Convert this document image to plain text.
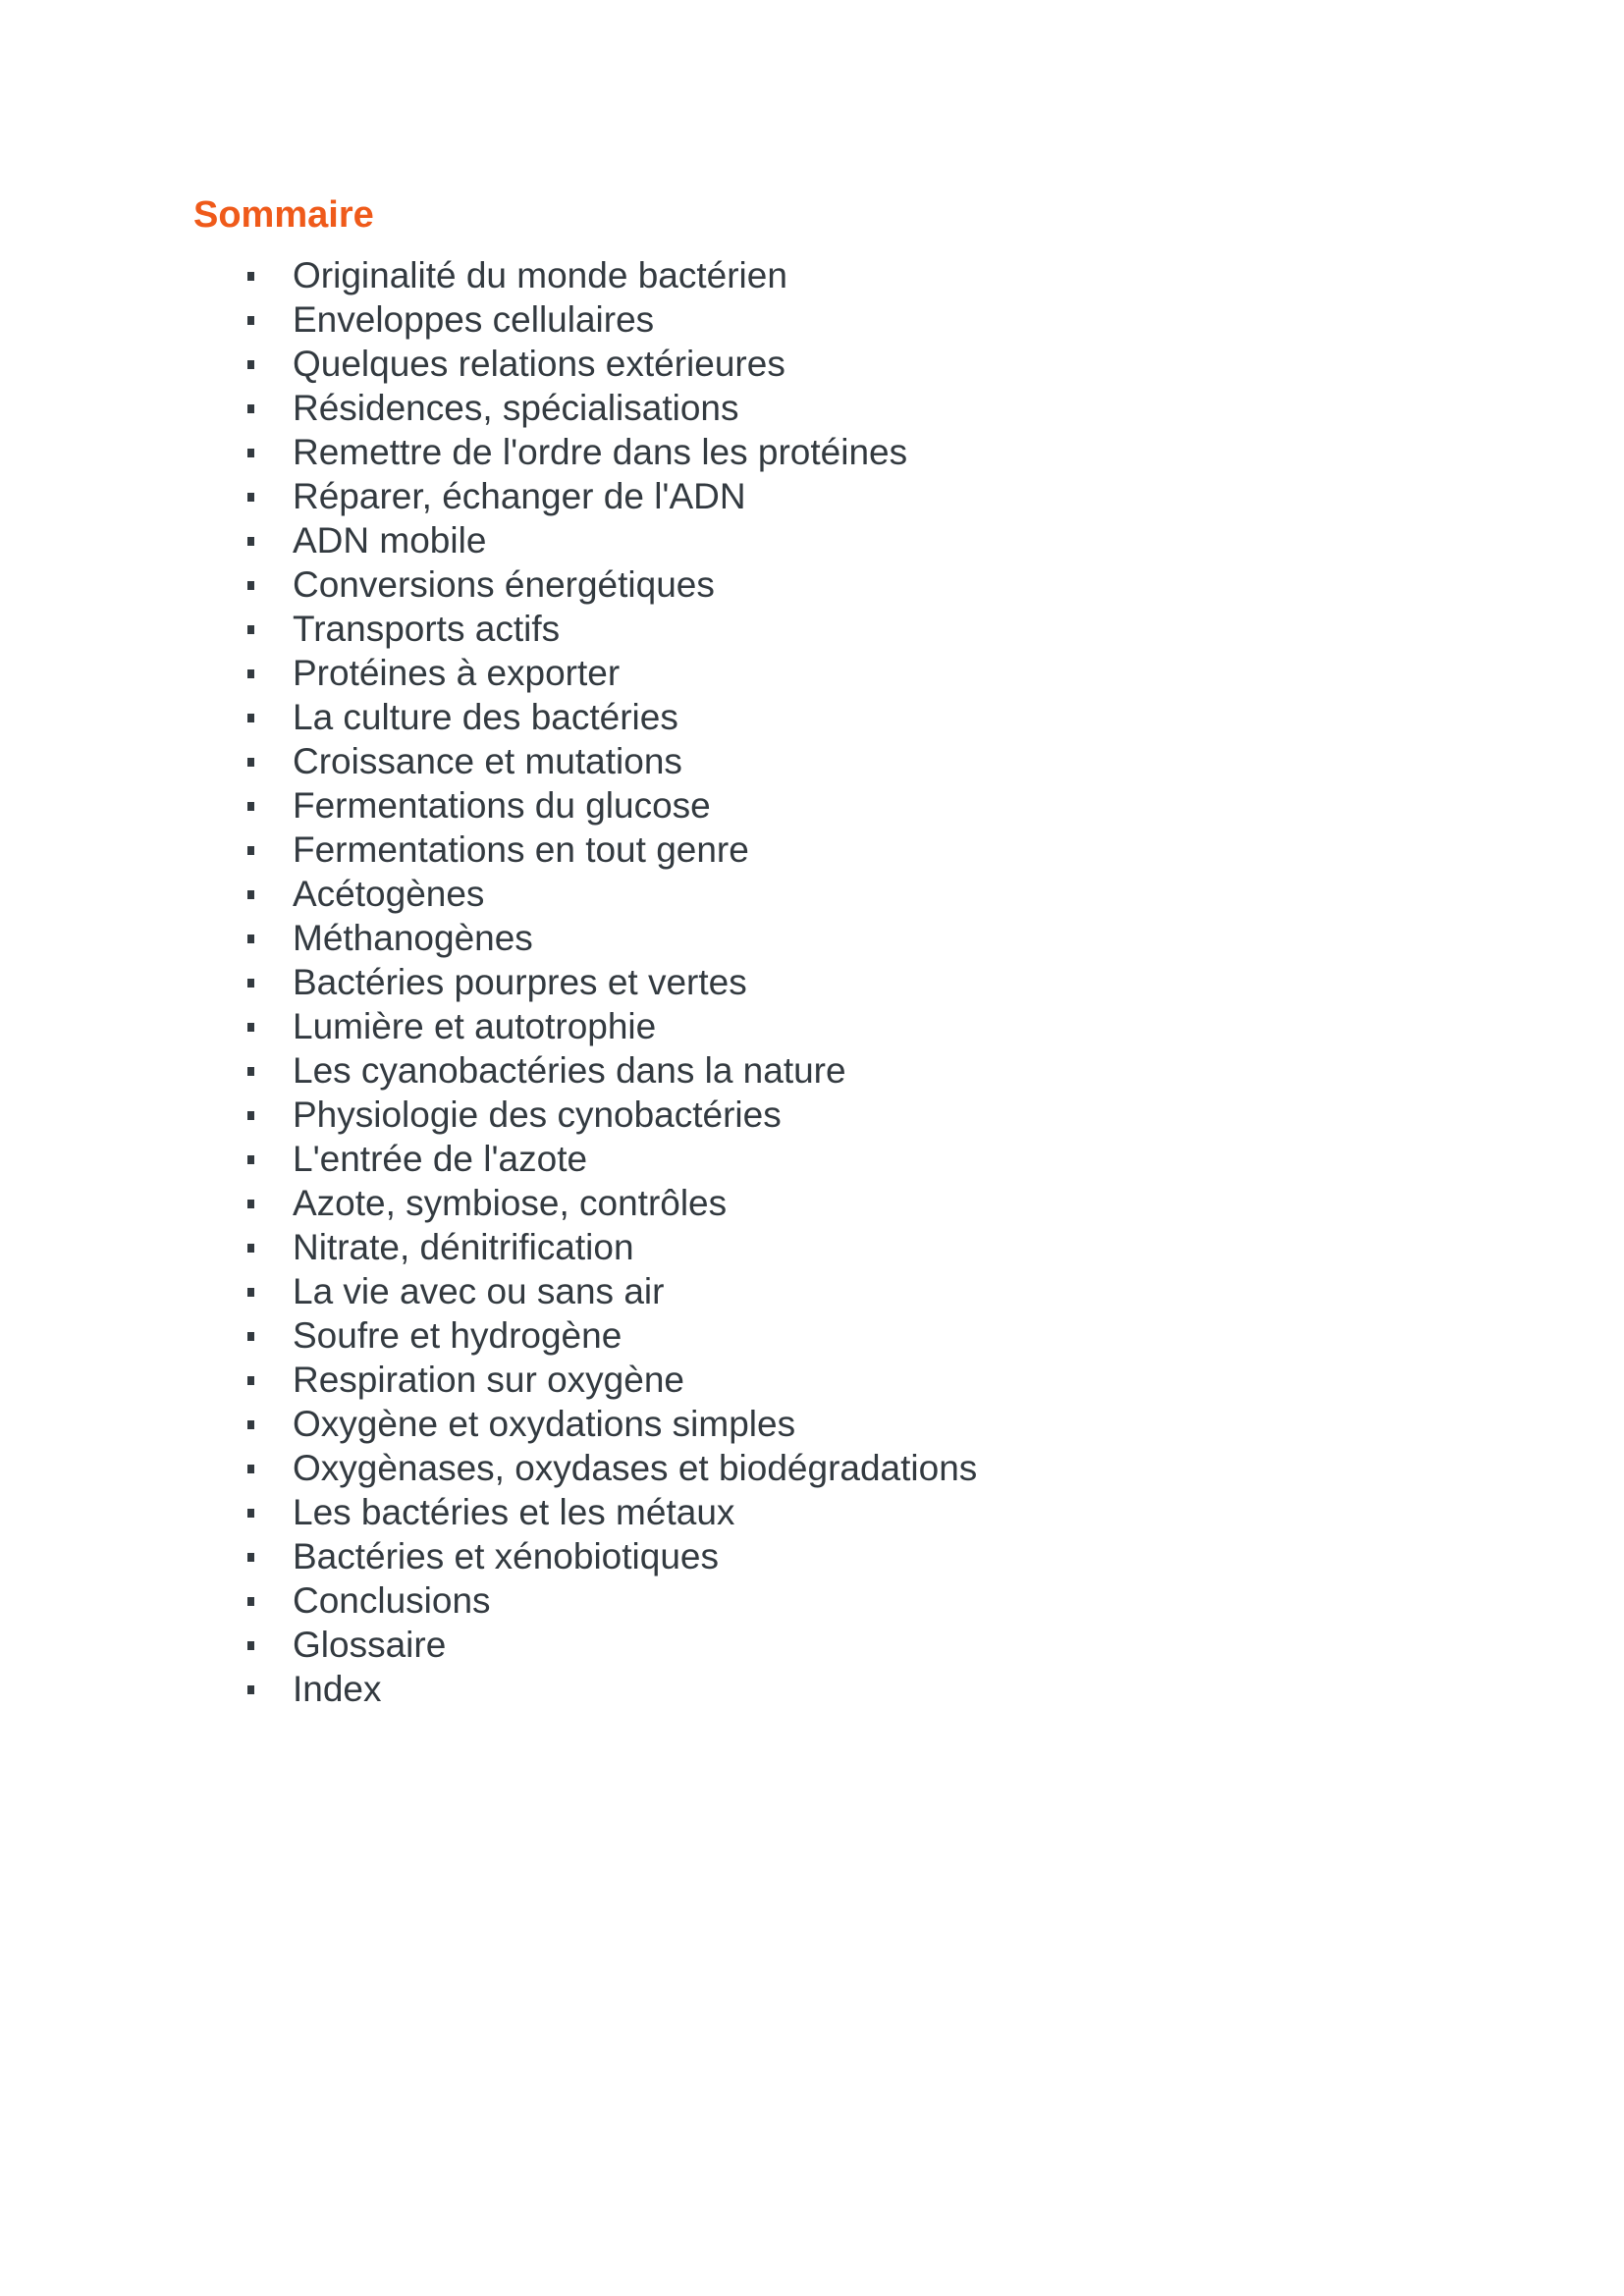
Sommaire
Originalité du monde bactérien
Enveloppes cellulaires
Quelques relations extérieures
Résidences, spécialisations
Remettre de l'ordre dans les protéines
Réparer, échanger de l'ADN
ADN mobile
Conversions énergétiques
Transports actifs
Protéines à exporter
La culture des bactéries
Croissance et mutations
Fermentations du glucose
Fermentations en tout genre
Acétogènes
Méthanogènes
Bactéries pourpres et vertes
Lumière et autotrophie
Les cyanobactéries dans la nature
Physiologie des cynobactéries
L'entrée de l'azote
Azote, symbiose, contrôles
Nitrate, dénitrification
La vie avec ou sans air
Soufre et hydrogène
Respiration sur oxygène
Oxygène et oxydations simples
Oxygènases, oxydases et biodégradations
Les bactéries et les métaux
Bactéries et xénobiotiques
Conclusions
Glossaire
Index
